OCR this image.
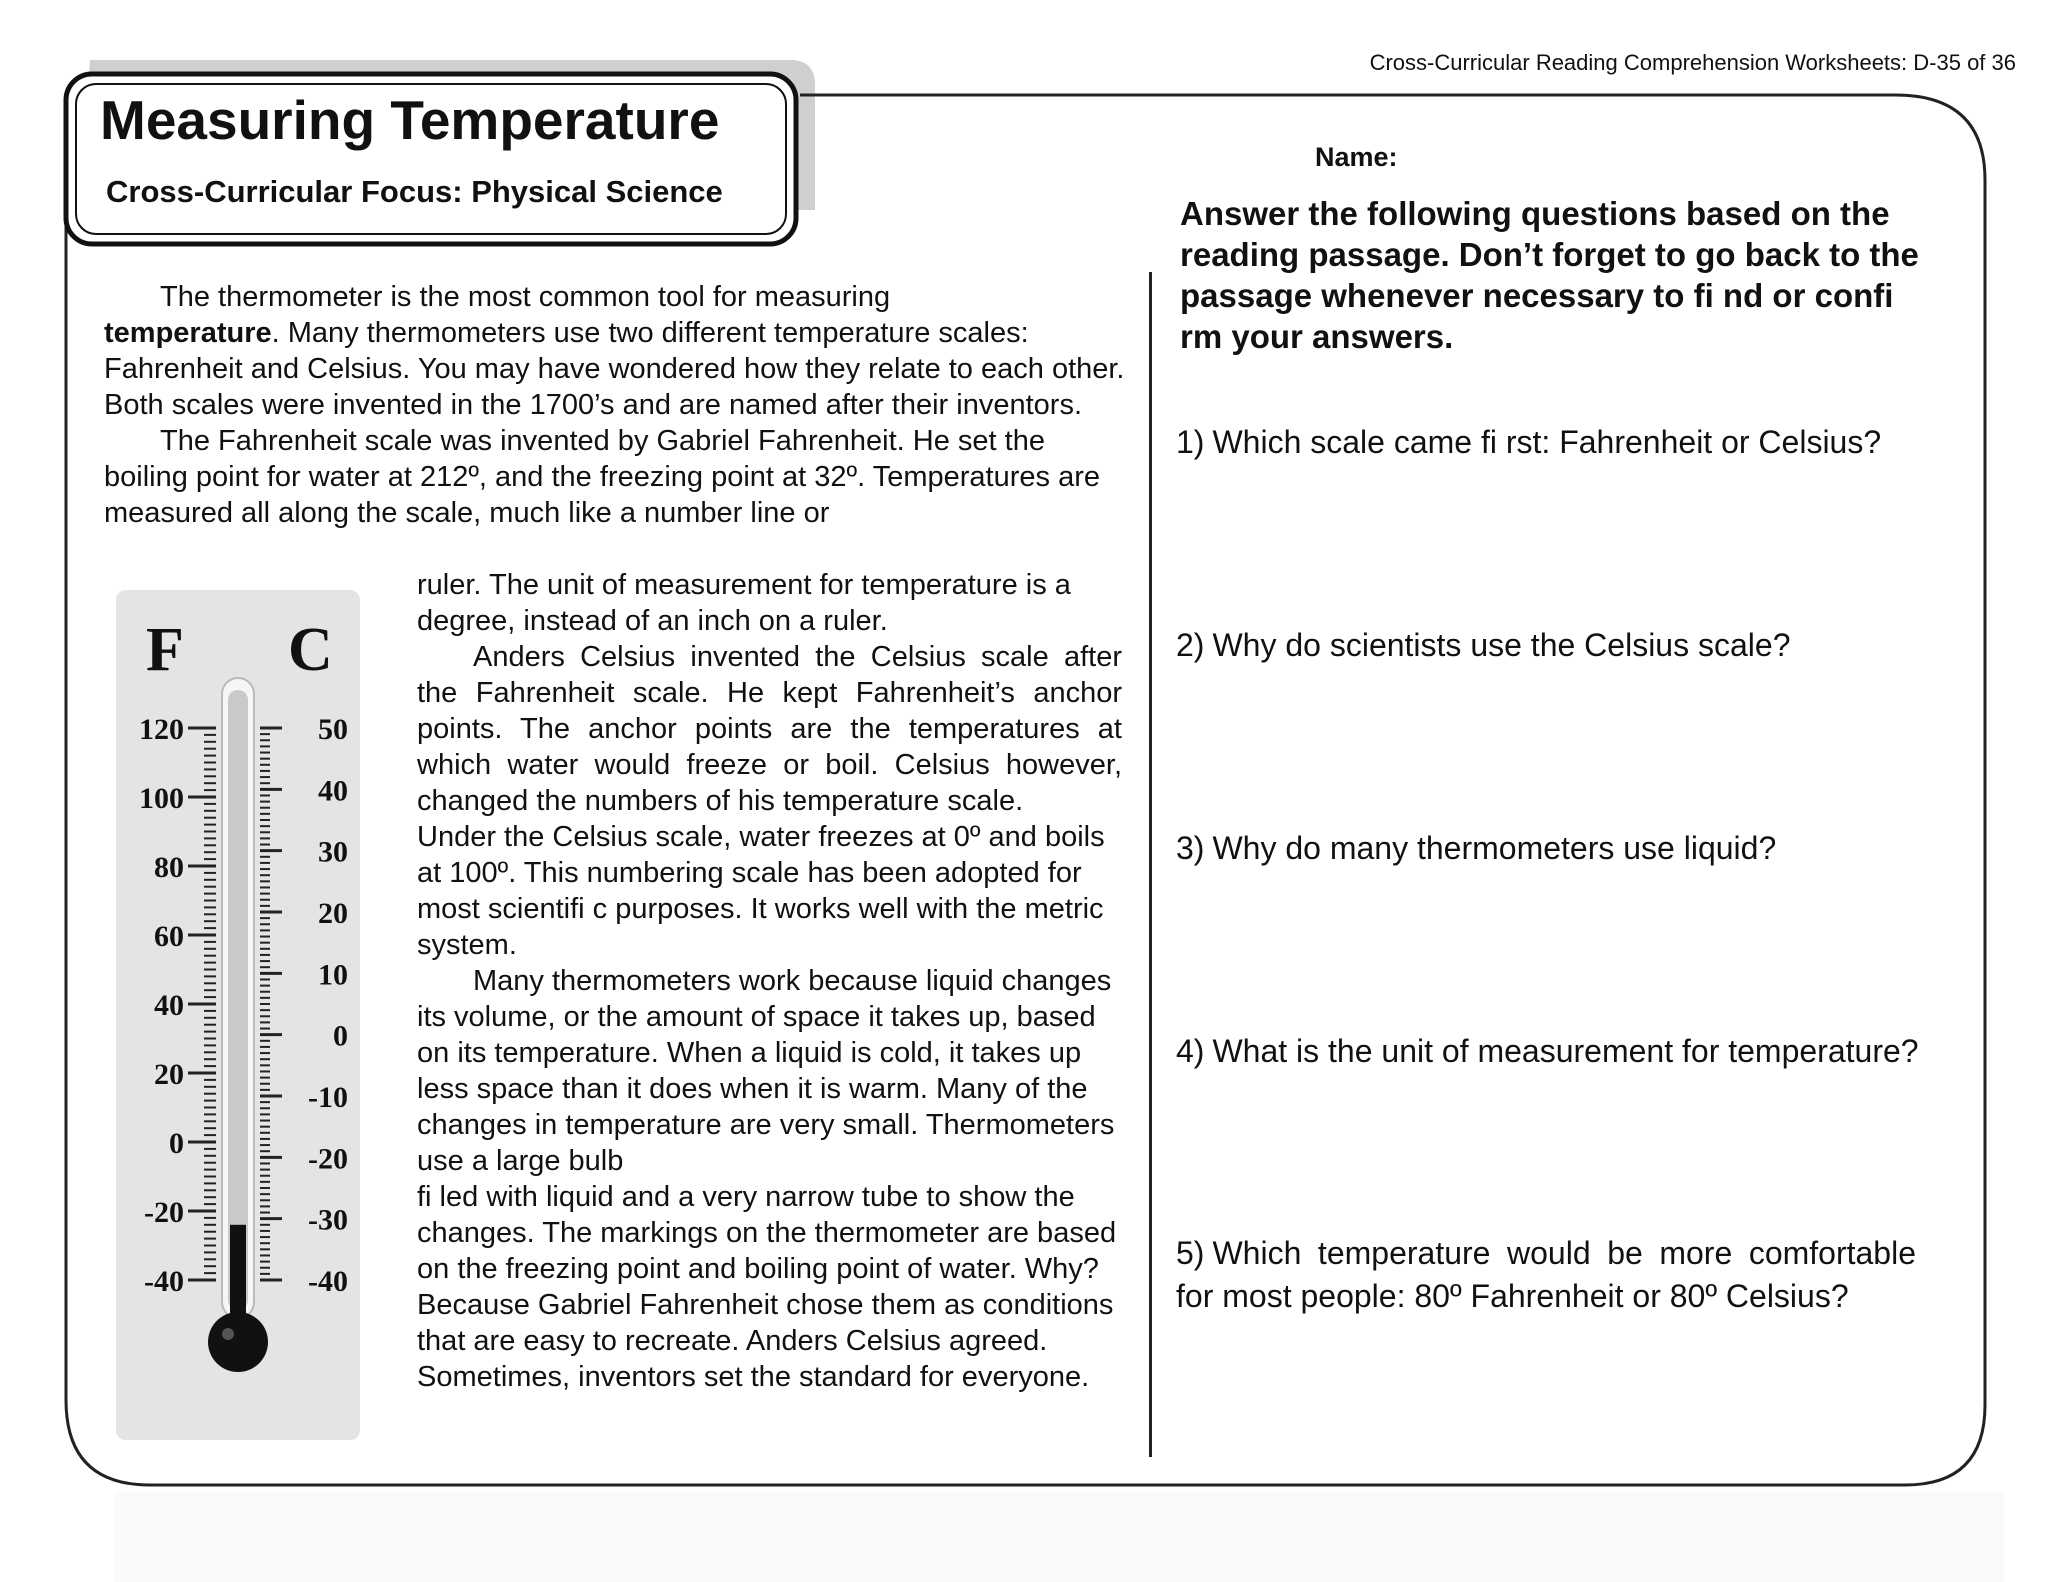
Cross-Curricular Reading Comprehension Worksheets: D-35 of 36
Measuring Temperature
Cross-Curricular Focus: Physical Science

The thermometer is the most common tool for measuring
temperature. Many thermometers use two different temperature scales: Fahrenheit and Celsius. You may have wondered how they relate to each other. Both scales were invented in the 1700’s and are named after their inventors.

The Fahrenheit scale was invented by Gabriel Fahrenheit. He set the boiling point for water at 212º, and the freezing point at 32º. Temperatures are measured all along the scale, much like a number line or

F C
120
100
80
60
40
20
0
-20
-40
50
40
30
20
10
0
-10
-20
-30
-40

ruler. The unit of measurement for temperature is a degree, instead of an inch on a ruler.

Anders Celsius invented the Celsius scale after the Fahrenheit scale. He kept Fahrenheit’s anchor points. The anchor points are the temperatures at which water would freeze or boil. Celsius however, changed the numbers of his temperature scale.

Under the Celsius scale, water freezes at 0º and boils at 100º. This numbering scale has been adopted for most scientifi c purposes. It works well with the metric system.

Many thermometers work because liquid changes its volume, or the amount of space it takes up, based on its temperature. When a liquid is cold, it takes up less space than it does when it is warm. Many of the changes in temperature are very small. Thermometers use a large bulb

fi led with liquid and a very narrow tube to show the changes. The markings on the thermometer are based on the freezing point and boiling point of water. Why? Because Gabriel Fahrenheit chose them as conditions that are easy to recreate. Anders Celsius agreed. Sometimes, inventors set the standard for everyone.

Name:
Answer the following questions based on the reading passage. Don’t forget to go back to the passage whenever necessary to fi nd or confi rm your answers.
1) Which scale came fi rst: Fahrenheit or Celsius?
2) Why do scientists use the Celsius scale?
3) Why do many thermometers use liquid?
4) What is the unit of measurement for temperature?
5) Which temperature would be more comfortable for most people: 80º Fahrenheit or 80º Celsius?
